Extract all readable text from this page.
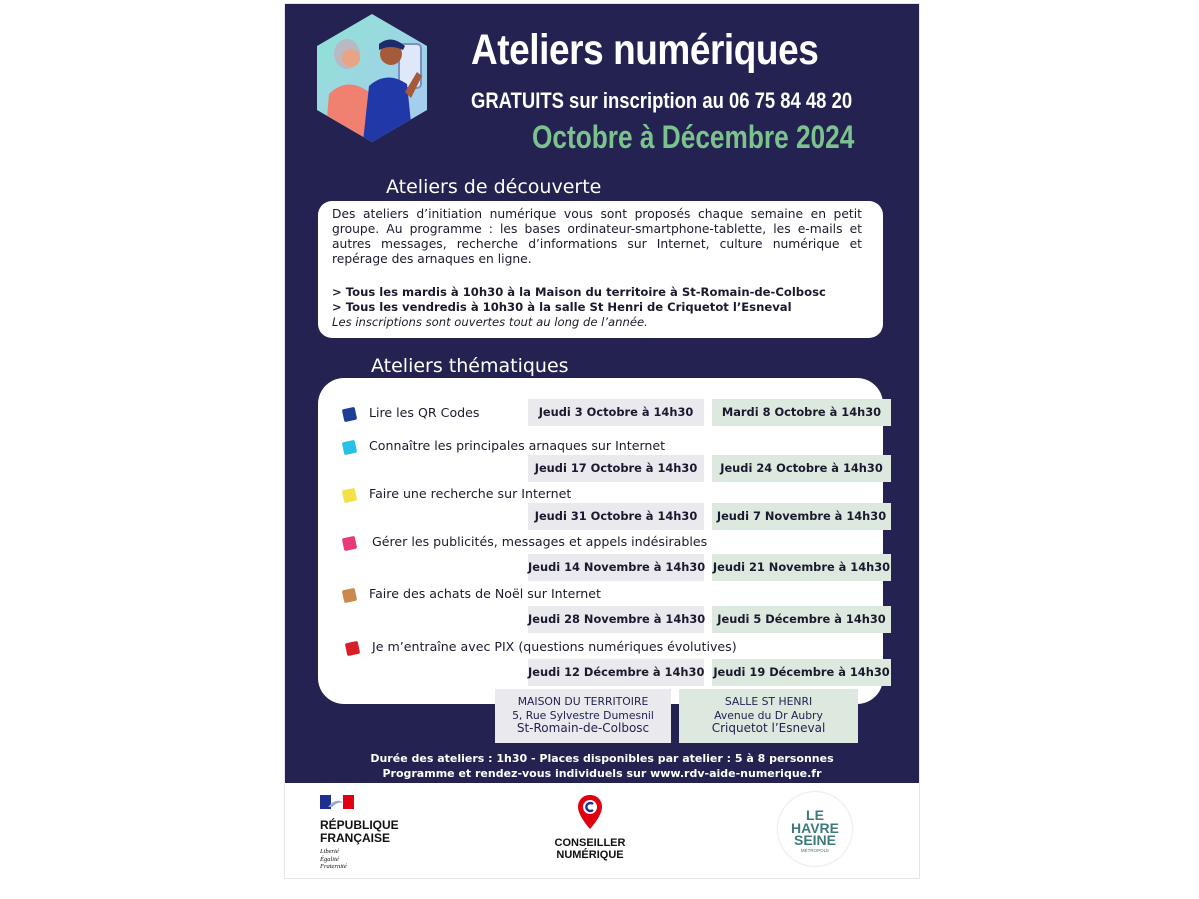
Ateliers numériques
GRATUITS sur inscription au 06 75 84 48 20
Octobre à Décembre 2024
Ateliers de découverte
Des ateliers d’initiation numérique vous sont proposés chaque semaine en petit groupe. Au programme : les bases ordinateur-smartphone-tablette, les e-mails et autres messages, recherche d’informations sur Internet, culture numérique et repérage des arnaques en ligne.
> Tous les mardis à 10h30 à la Maison du territoire à St-Romain-de-Colbosc
> Tous les vendredis à 10h30 à la salle St Henri de Criquetot l’Esneval
Les inscriptions sont ouvertes tout au long de l’année.
Ateliers thématiques
Lire les QR Codes	Jeudi 3 Octobre à 14h30	Mardi 8 Octobre à 14h30
Connaître les principales arnaques sur Internet
Jeudi 17 Octobre à 14h30	Jeudi 24 Octobre à 14h30
Faire une recherche sur Internet
Jeudi 31 Octobre à 14h30	Jeudi 7 Novembre à 14h30
Gérer les publicités, messages et appels indésirables
Jeudi 14 Novembre à 14h30 Jeudi 21 Novembre à 14h30
Faire des achats de Noël sur Internet
Jeudi 28 Novembre à 14h30	Jeudi 5 Décembre à 14h30
Je m’entraîne avec PIX (questions numériques évolutives)
Jeudi 12 Décembre à 14h30 Jeudi 19 Décembre à 14h30
MAISON DU TERRITOIRE
5, Rue Sylvestre Dumesnil
St-Romain-de-Colbosc
SALLE ST HENRI
Avenue du Dr Aubry
Criquetot l’Esneval
Durée des ateliers : 1h30 - Places disponibles par atelier : 5 à 8 personnes
Programme et rendez-vous individuels sur www.rdv-aide-numerique.fr
RÉPUBLIQUE
FRANÇAISE
Liberté
Égalité
Fraternité
CONSEILLER
NUMÉRIQUE
LE
HAVRE
SEINE
MÉTROPOLE
